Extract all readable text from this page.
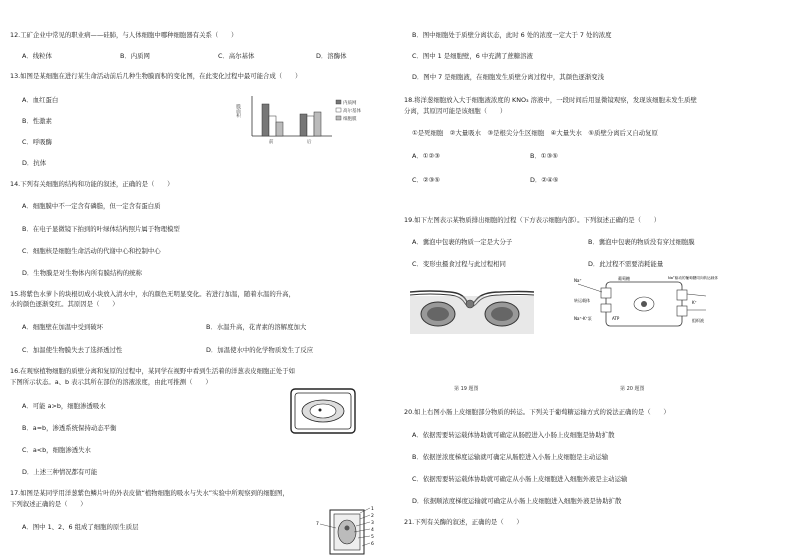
12.工矿企业中常见的职业病——硅肺，与人体细胞中哪种细胞器有关系（　　）
A．线粒体	B．内质网	C．高尔基体	D．溶酶体
13.如图是某细胞在进行某生命活动前后几种生物膜面积的变化图，在此变化过程中最可能合成（　　）
A．血红蛋白
B．性激素
C．呼吸酶
D．抗体
膜面积
前	后
内质网
高尔基体
细胞膜
14.下列有关细胞的结构和功能的叙述，正确的是（　　）
A．细胞膜中不一定含有磷脂，但一定含有蛋白质
B．在电子显微镜下拍到的叶绿体结构照片属于物理模型
C．细胞核是细胞生命活动的代谢中心和控制中心
D．生物膜是对生物体内所有膜结构的统称
15.将紫色水萝卜的块根切成小块放入清水中，水的颜色无明显变化。若进行加温，随着水温的升高，
水的颜色逐渐变红。其原因是（　　）
A．细胞壁在加温中受到破坏	B．水温升高，花青素的溶解度加大
C．加温使生物膜失去了选择透过性	D．加温使水中的化学物质发生了反应
16.在观察植物细胞的质壁分离和复原的过程中，某同学在视野中看到生活着的洋葱表皮细胞正处于如
下图所示状态。a、b 表示其所在部位的溶液浓度，由此可推测（　　）
A．可能 a>b，细胞渗透吸水
B．a=b，渗透系统保持动态平衡
C．a<b，细胞渗透失水
D．上述三种情况都有可能
17.如图是某同学用洋葱紫色鳞片叶的外表皮做“植物细胞的吸水与失水”实验中所观察到的细胞图，
下列叙述正确的是（　　）
A．图中 1、2、6 组成了细胞的原生质层
1
2
3
4
5
6
7
B．图中细胞处于质壁分离状态，此时 6 处的浓度一定大于 7 处的浓度
C．图中 1 是细胞壁，6 中充满了蔗糖溶液
D．图中 7 是细胞液，在细胞发生质壁分离过程中，其颜色逐渐变浅
18.将洋葱细胞放入大于细胞液浓度的 KNO₃ 溶液中，一段时间后用显微镜观察，发现该细胞未发生质壁
分离，其原因可能是该细胞（　　）
①是死细胞　②大量吸水　③是根尖分生区细胞　④大量失水　⑤质壁分离后又自动复原
A．①②③	B．①③⑤
C．②③⑤	D．②④⑤
19.如下左图表示某物质排出细胞的过程（下方表示细胞内部）。下列叙述正确的是（　　）
A．囊泡中包裹的物质一定是大分子	B．囊泡中包裹的物质没有穿过细胞膜
C．变形虫摄食过程与此过程相同	D．此过程不需要消耗能量
Na⁺	葡萄糖	Na⁺驱动的葡萄糖同向转运载体
转运载体
ATP
Na⁺-K⁺泵
K⁺
组织液
第 19 题图	第 20 题图
20.如上右图小肠上皮细胞部分物质的转运。下列关于葡萄糖运输方式的说法正确的是（　　）
A．依据需要转运载体协助就可确定从肠腔进入小肠上皮细胞是协助扩散
B．依据逆浓度梯度运输就可确定从肠腔进入小肠上皮细胞是主动运输
C．依据需要转运载体协助就可确定从小肠上皮细胞进入细胞外液是主动运输
D．依据顺浓度梯度运输就可确定从小肠上皮细胞进入细胞外液是协助扩散
21.下列有关酶的叙述，正确的是（　　）
